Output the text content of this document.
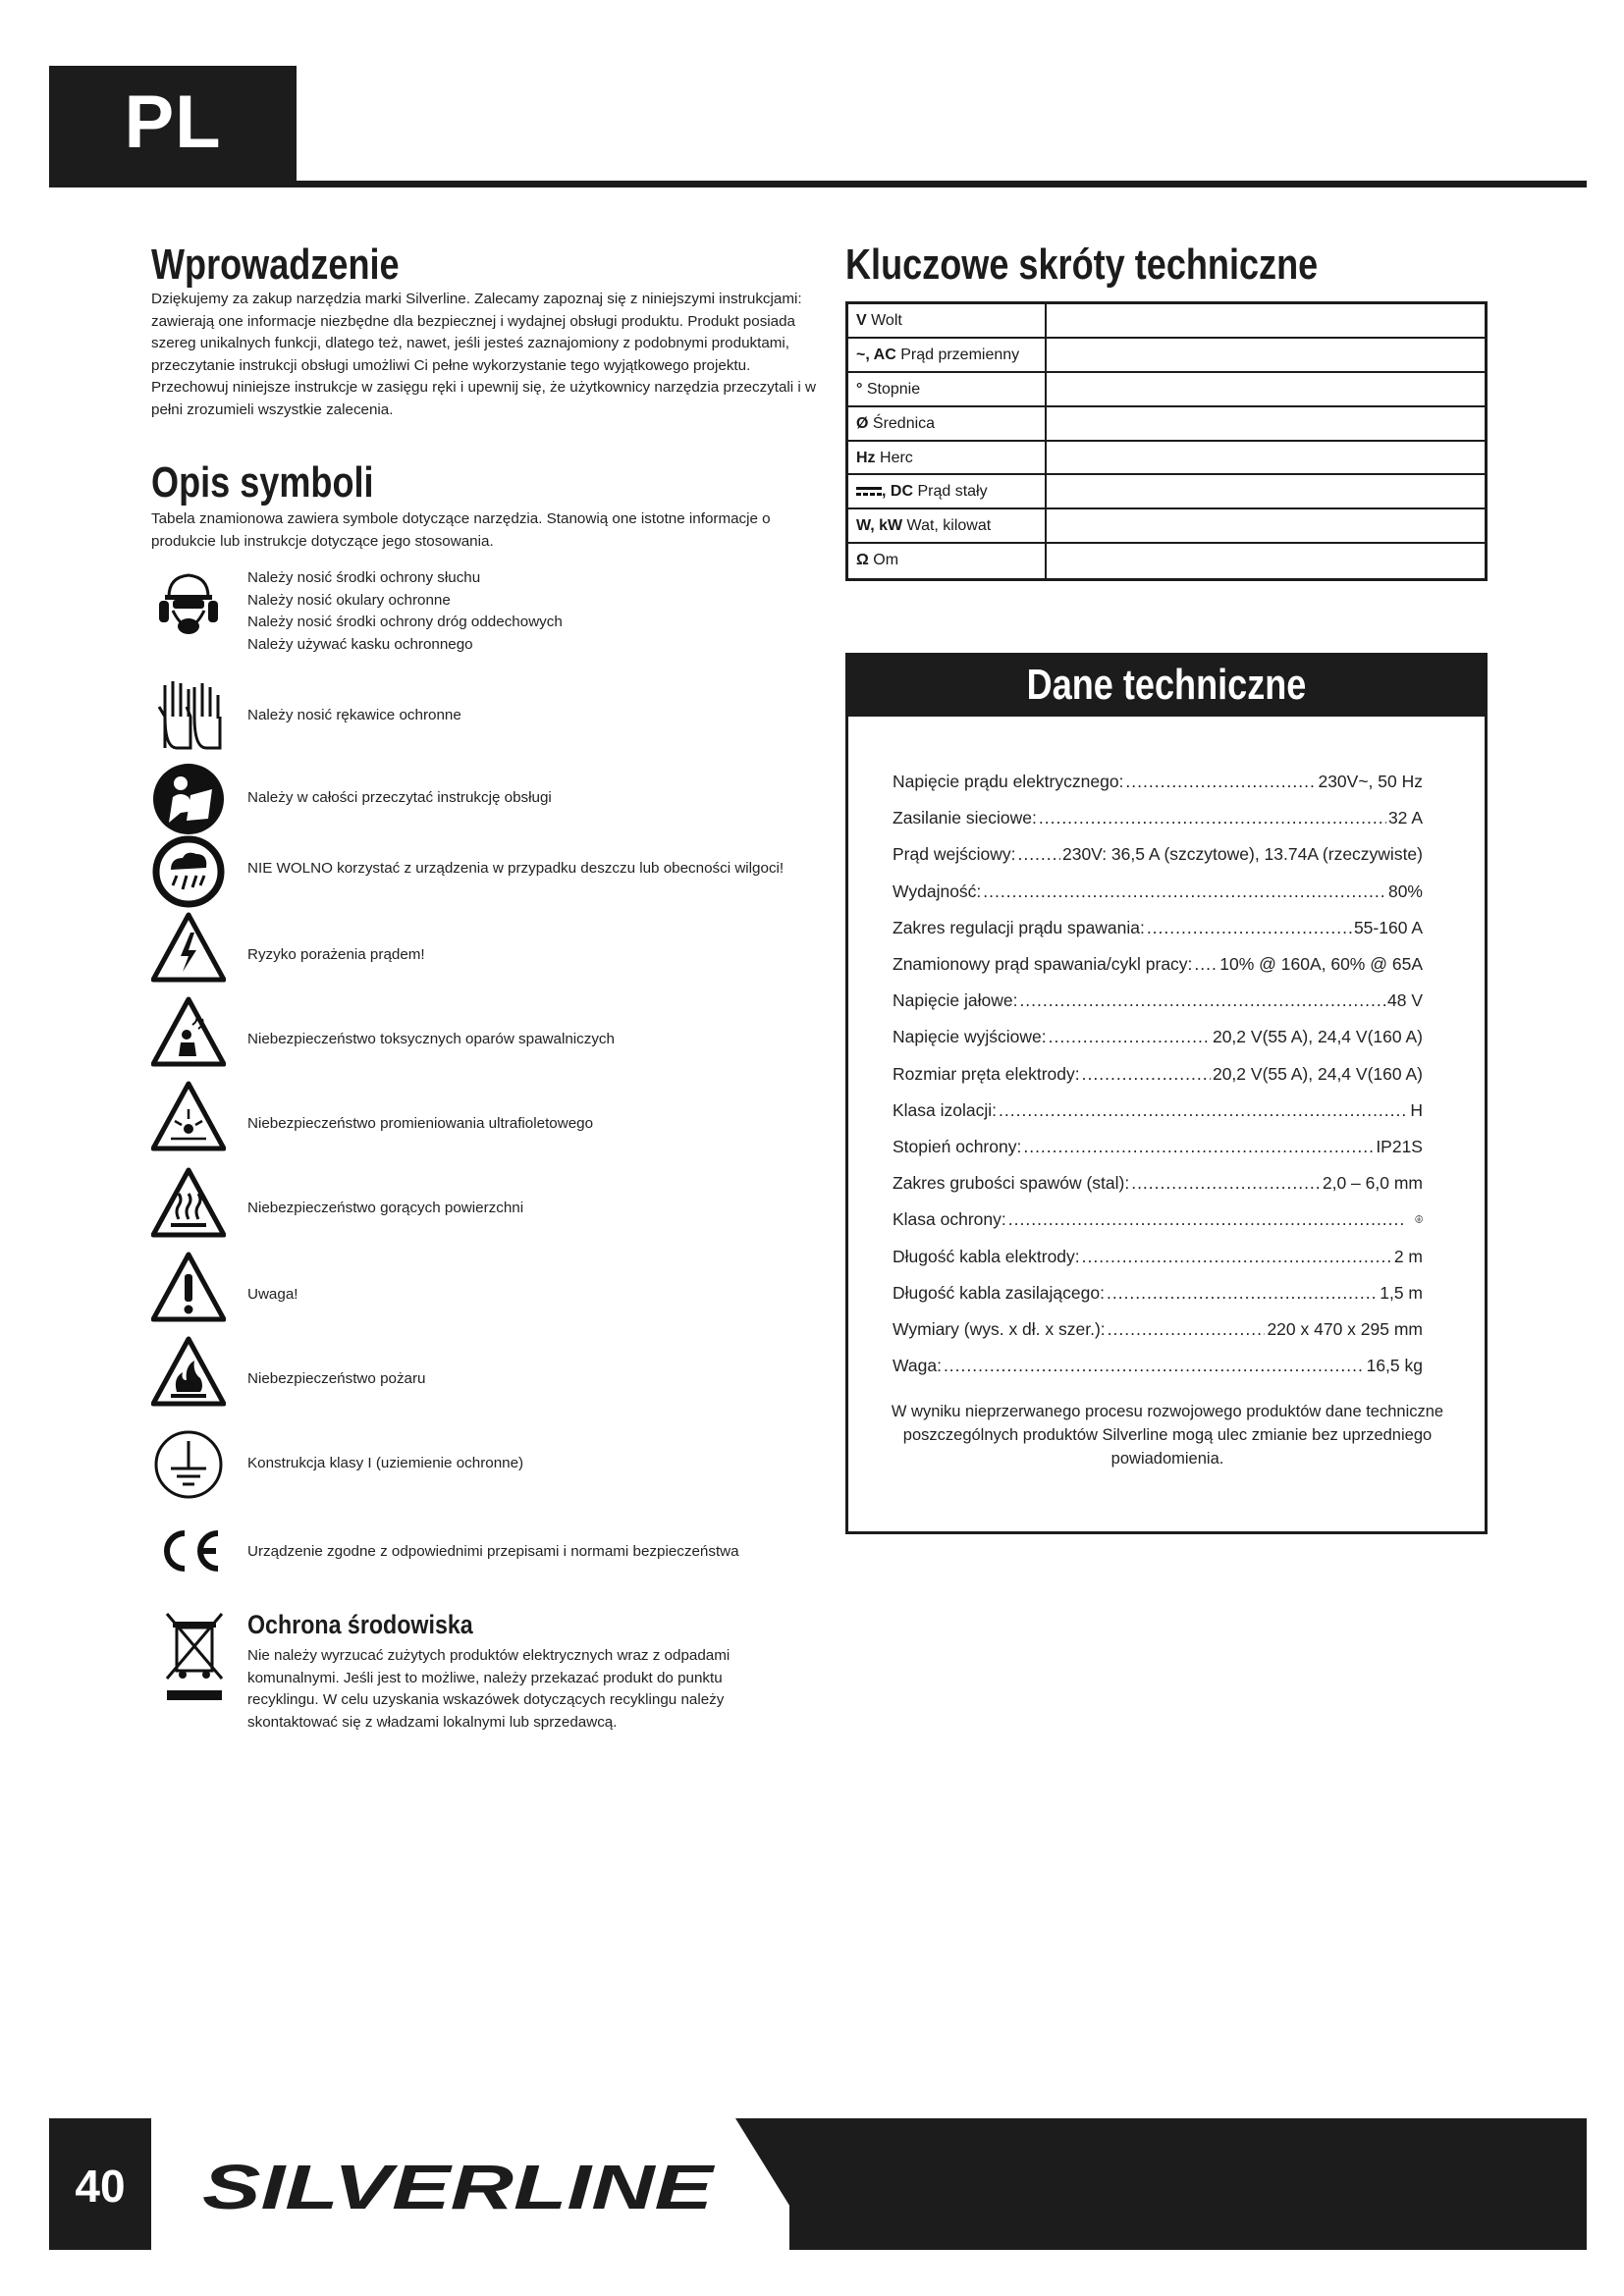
PL
Wprowadzenie
Dziękujemy za zakup narzędzia marki Silverline. Zalecamy zapoznaj się z niniejszymi instrukcjami:
zawierają one informacje niezbędne dla bezpiecznej i wydajnej obsługi produktu. Produkt posiada
szereg unikalnych funkcji, dlatego też, nawet, jeśli jesteś zaznajomiony z podobnymi produktami,
przeczytanie instrukcji obsługi umożliwi Ci pełne wykorzystanie tego wyjątkowego projektu.
Przechowuj niniejsze instrukcje w zasięgu ręki i upewnij się, że użytkownicy narzędzia przeczytali i w
pełni zrozumieli wszystkie zalecenia.
Opis symboli
Tabela znamionowa zawiera symbole dotyczące narzędzia. Stanowią one istotne informacje o
produkcie lub instrukcje dotyczące jego stosowania.
Należy nosić środki ochrony słuchu
Należy nosić okulary ochronne
Należy nosić środki ochrony dróg oddechowych
Należy używać kasku ochronnego
Należy nosić rękawice ochronne
Należy w całości przeczytać instrukcję obsługi
NIE WOLNO korzystać z urządzenia w przypadku deszczu lub obecności wilgoci!
Ryzyko porażenia prądem!
Niebezpieczeństwo toksycznych oparów spawalniczych
Niebezpieczeństwo promieniowania ultrafioletowego
Niebezpieczeństwo gorących powierzchni
Uwaga!
Niebezpieczeństwo pożaru
Konstrukcja klasy I (uziemienie ochronne)
Urządzenie zgodne z odpowiednimi przepisami i normami bezpieczeństwa
Ochrona środowiska
Nie należy wyrzucać zużytych produktów elektrycznych wraz z odpadami
komunalnymi. Jeśli jest to możliwe, należy przekazać produkt do punktu
recyklingu. W celu uzyskania wskazówek dotyczących recyklingu należy
skontaktować się z władzami lokalnymi lub sprzedawcą.
Kluczowe skróty techniczne
V Wolt
~, AC Prąd przemienny
° Stopnie
Ø Średnica
Hz Herc
, DC Prąd stały
W, kW Wat, kilowat
Ω Om
Dane techniczne
Napięcie prądu elektrycznego: .....	230V~, 50 Hz
Zasilanie sieciowe: .....	32 A
Prąd wejściowy: .....	230V: 36,5 A (szczytowe), 13.74A (rzeczywiste)
Wydajność: .....	80%
Zakres regulacji prądu spawania: .....	55-160 A
Znamionowy prąd spawania/cykl pracy: ..... 10% @ 160A, 60% @ 65A
Napięcie jałowe: .....	48 V
Napięcie wyjściowe: .....	20,2 V(55 A), 24,4 V(160 A)
Rozmiar pręta elektrody: .....	20,2 V(55 A), 24,4 V(160 A)
Klasa izolacji: .....	H
Stopień ochrony: .....	IP21S
Zakres grubości spawów (stal): .....	2,0 – 6,0 mm
Klasa ochrony:
.....
Długość kabla elektrody: .....	2 m
Długość kabla zasilającego: .....	1,5 m
Wymiary (wys. x dł. x szer.): .....	220 x 470 x 295 mm
Waga: .....	16,5 kg
W wyniku nieprzerwanego procesu rozwojowego produktów dane techniczne
poszczególnych produktów Silverline mogą ulec zmianie bez uprzedniego
powiadomienia.
40	SILVERLINE
